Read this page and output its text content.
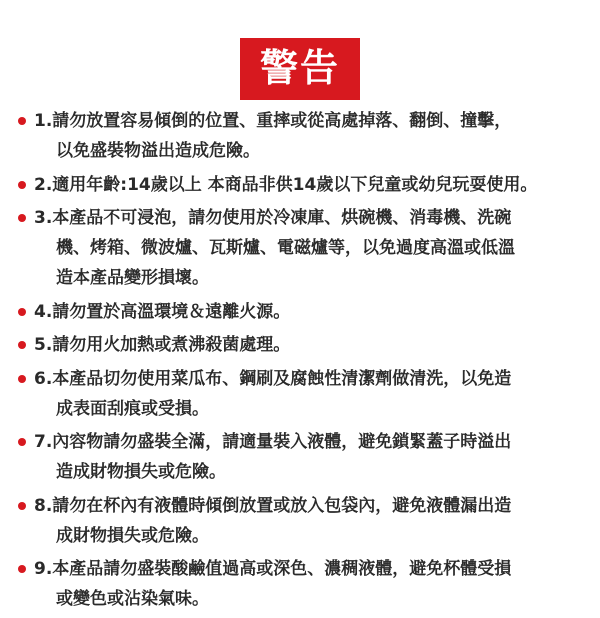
警告
1.請勿放置容易傾倒的位置、重摔或從高處掉落、翻倒、撞擊，
以免盛裝物溢出造成危險。
2.適用年齡:14歲以上 本商品非供14歲以下兒童或幼兒玩耍使用。
3.本產品不可浸泡，請勿使用於冷凍庫、烘碗機、消毒機、洗碗
機、烤箱、微波爐、瓦斯爐、電磁爐等，以免過度高溫或低溫
造本產品變形損壞。
4.請勿置於高溫環境＆遠離火源。
5.請勿用火加熱或煮沸殺菌處理。
6.本產品切勿使用菜瓜布、鋼刷及腐蝕性清潔劑做清洗，以免造
成表面刮痕或受損。
7.內容物請勿盛裝全滿，請適量裝入液體，避免鎖緊蓋子時溢出
造成財物損失或危險。
8.請勿在杯內有液體時傾倒放置或放入包袋內，避免液體漏出造
成財物損失或危險。
9.本產品請勿盛裝酸鹼值過高或深色、濃稠液體，避免杯體受損
或變色或沾染氣味。
